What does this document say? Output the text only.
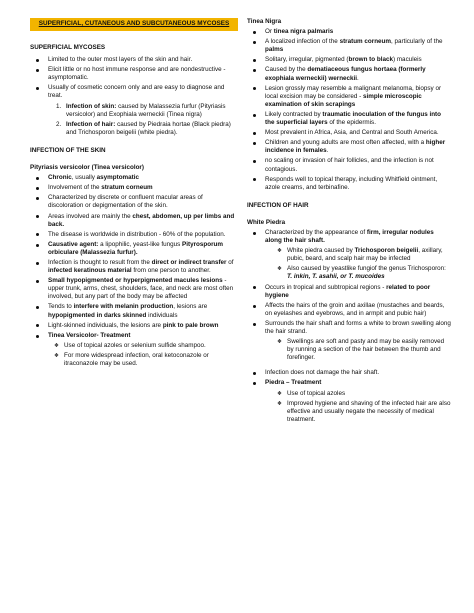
SUPERFICIAL, CUTANEOUS AND SUBCUTANEOUS MYCOSES
SUPERFICIAL MYCOSES
Limited to the outer most layers of the skin and hair.
Elicit little or no host immune response and are nondestructive - asymptomatic.
Usually of cosmetic concern only and are easy to diagnose and treat.
1. Infection of skin: caused by Malassezia furfur (Pityriasis versicolor) and Exophiala werneckii (Tinea nigra)
2. Infection of hair: caused by Piedraia hortae (Black piedra) and Trichosporon beigelii (white piedra).
INFECTION OF THE SKIN
Pityriasis versicolor (Tinea versicolor)
Chronic, usually asymptomatic
Involvement of the stratum corneum
Characterized by discrete or confluent macular areas of discoloration or depigmentation of the skin.
Areas involved are mainly the chest, abdomen, up per limbs and back.
The disease is worldwide in distribution - 60% of the population.
Causative agent: a lipophilic, yeast-like fungus Pityrosporum orbiculare (Malassezia furfur).
Infection is thought to result from the direct or indirect transfer of infected keratinous material from one person to another.
Small hypopigmented or hyperpigmented macules lesions - upper trunk, arms, chest, shoulders, face, and neck are most often involved, but any part of the body may be affected
Tends to interfere with melanin production, lesions are hypopigmented in darks skinned individuals
Light-skinned individuals, the lesions are pink to pale brown
Tinea Versicolor- Treatment
❖ Use of topical azoles or selenium sulfide shampoo.
❖ For more widespread infection, oral ketoconazole or itraconazole may be used.
Tinea Nigra
Or tinea nigra palmaris
A localized infection of the stratum corneum, particularly of the palms
Solitary, irregular, pigmented (brown to black) maculeis
Caused by the dematiaceous fungus hortaea (formerly exophiala werneckii) werneckii.
Lesion grossly may resemble a malignant melanoma, biopsy or local excision may be considered - simple microscopic examination of skin scrapings
Likely contracted by traumatic inoculation of the fungus into the superficial layers of the epidermis.
Most prevalent in Africa, Asia, and Central and South America.
Children and young adults are most often affected, with a higher incidence in females.
no scaling or invasion of hair follicles, and the infection is not contagious.
Responds well to topical therapy, including Whitfield ointment, azole creams, and terbinafine.
INFECTION OF HAIR
White Piedra
Characterized by the appearance of firm, irregular nodules along the hair shaft.
❖ White piedra caused by Trichosporon beigelii, axillary, pubic, beard, and scalp hair may be infected
❖ Also caused by yeastlike fungiof the genus Trichosporon: T. inkin, T. asahii, or T. mucoides
Occurs in tropical and subtropical regions - related to poor hygiene
Affects the hairs of the groin and axillae (mustaches and beards, on eyelashes and eyebrows, and in armpit and pubic hair)
Surrounds the hair shaft and forms a white to brown swelling along the hair strand.
❖ Swellings are soft and pasty and may be easily removed by running a section of the hair between the thumb and forefinger.
Infection does not damage the hair shaft.
Piedra – Treatment
❖ Use of topical azoles
❖ Improved hygiene and shaving of the infected hair are also effective and usually negate the necessity of medical treatment.
